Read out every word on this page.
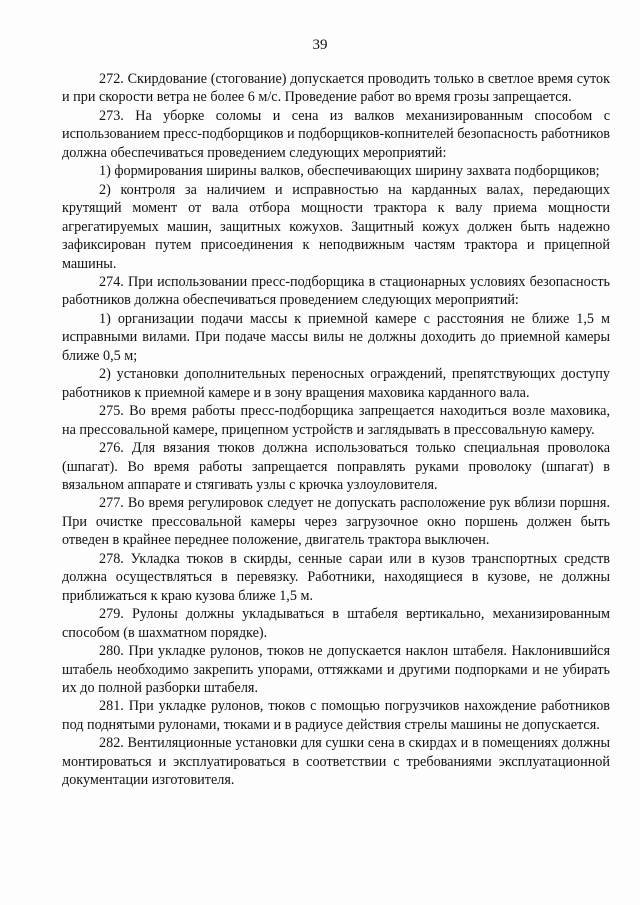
39

272. Скирдование (стогование) допускается проводить только в светлое время суток и при скорости ветра не более 6 м/с. Проведение работ во время грозы запрещается.

273. На уборке соломы и сена из валков механизированным способом с использованием пресс-подборщиков и подборщиков-копнителей безопасность работников должна обеспечиваться проведением следующих мероприятий:

1) формирования ширины валков, обеспечивающих ширину захвата подборщиков;

2) контроля за наличием и исправностью на карданных валах, передающих крутящий момент от вала отбора мощности трактора к валу приема мощности агрегатируемых машин, защитных кожухов. Защитный кожух должен быть надежно зафиксирован путем присоединения к неподвижным частям трактора и прицепной машины.

274. При использовании пресс-подборщика в стационарных условиях безопасность работников должна обеспечиваться проведением следующих мероприятий:

1) организации подачи массы к приемной камере с расстояния не ближе 1,5 м исправными вилами. При подаче массы вилы не должны доходить до приемной камеры ближе 0,5 м;

2) установки дополнительных переносных ограждений, препятствующих доступу работников к приемной камере и в зону вращения маховика карданного вала.

275. Во время работы пресс-подборщика запрещается находиться возле маховика, на прессовальной камере, прицепном устройств и заглядывать в прессовальную камеру.

276. Для вязания тюков должна использоваться только специальная проволока (шпагат). Во время работы запрещается поправлять руками проволоку (шпагат) в вязальном аппарате и стягивать узлы с крючка узлоуловителя.

277. Во время регулировок следует не допускать расположение рук вблизи поршня. При очистке прессовальной камеры через загрузочное окно поршень должен быть отведен в крайнее переднее положение, двигатель трактора выключен.

278. Укладка тюков в скирды, сенные сараи или в кузов транспортных средств должна осуществляться в перевязку. Работники, находящиеся в кузове, не должны приближаться к краю кузова ближе 1,5 м.

279. Рулоны должны укладываться в штабеля вертикально, механизированным способом (в шахматном порядке).

280. При укладке рулонов, тюков не допускается наклон штабеля. Наклонившийся штабель необходимо закрепить упорами, оттяжками и другими подпорками и не убирать их до полной разборки штабеля.

281. При укладке рулонов, тюков с помощью погрузчиков нахождение работников под поднятыми рулонами, тюками и в радиусе действия стрелы машины не допускается.

282. Вентиляционные установки для сушки сена в скирдах и в помещениях должны монтироваться и эксплуатироваться в соответствии с требованиями эксплуатационной документации изготовителя.
